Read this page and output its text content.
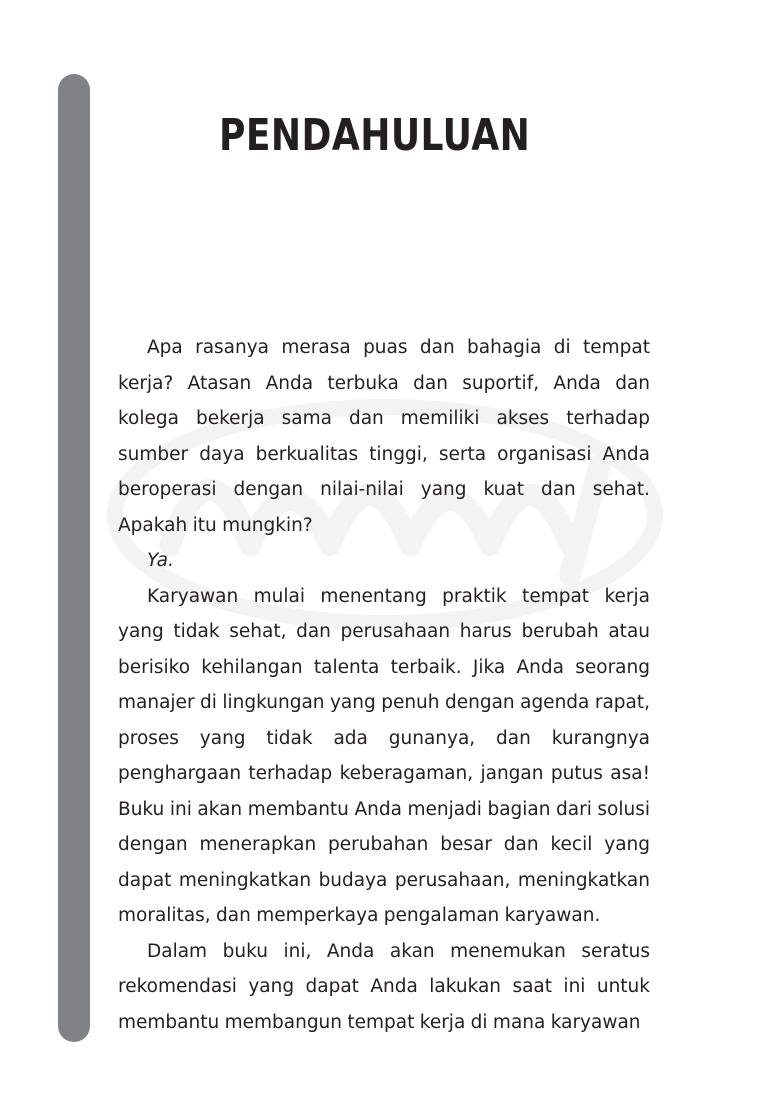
PENDAHULUAN

Apa rasanya merasa puas dan bahagia di tempat kerja? Atasan Anda terbuka dan suportif, Anda dan kolega bekerja sama dan memiliki akses terhadap sumber daya berkualitas tinggi, serta organisasi Anda beroperasi dengan nilai-nilai yang kuat dan sehat. Apakah itu mungkin?

Ya.

Karyawan mulai menentang praktik tempat kerja yang tidak sehat, dan perusahaan harus berubah atau berisiko kehilangan talenta terbaik. Jika Anda seorang manajer di lingkungan yang penuh dengan agenda rapat, proses yang tidak ada gunanya, dan kurangnya penghargaan terhadap keberagaman, jangan putus asa! Buku ini akan membantu Anda menjadi bagian dari solusi dengan menerapkan perubahan besar dan kecil yang dapat meningkatkan budaya perusahaan, meningkatkan moralitas, dan memperkaya pengalaman karyawan.

Dalam buku ini, Anda akan menemukan seratus rekomendasi yang dapat Anda lakukan saat ini untuk membantu membangun tempat kerja di mana karyawan
